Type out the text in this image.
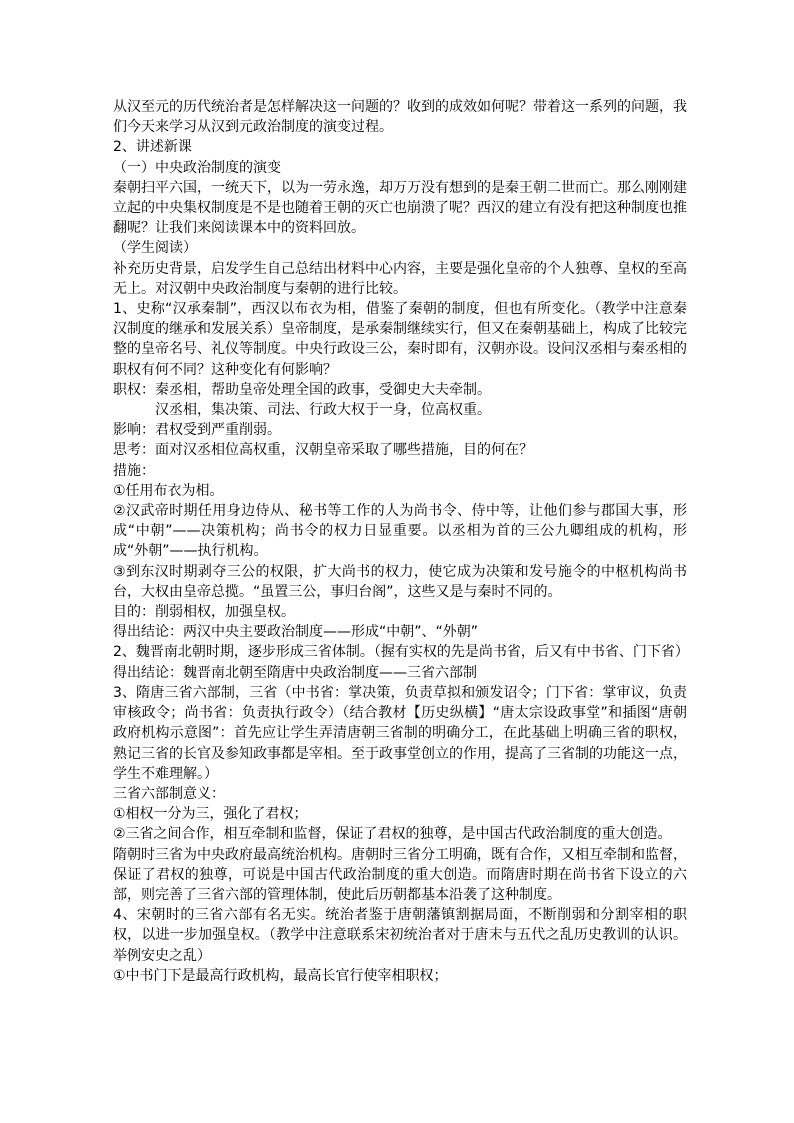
从汉至元的历代统治者是怎样解决这一问题的？收到的成效如何呢？带着这一系列的问题，我们今天来学习从汉到元政治制度的演变过程。

2、讲述新课

（一）中央政治制度的演变

秦朝扫平六国，一统天下，以为一劳永逸，却万万没有想到的是秦王朝二世而亡。那么刚刚建立起的中央集权制度是不是也随着王朝的灭亡也崩溃了呢？西汉的建立有没有把这种制度也推翻呢？让我们来阅读课本中的资料回放。

（学生阅读）

补充历史背景，启发学生自己总结出材料中心内容，主要是强化皇帝的个人独尊、皇权的至高无上。对汉朝中央政治制度与秦朝的进行比较。

1、史称“汉承秦制”，西汉以布衣为相，借鉴了秦朝的制度，但也有所变化。（教学中注意秦汉制度的继承和发展关系）皇帝制度，是承秦制继续实行，但又在秦朝基础上，构成了比较完整的皇帝名号、礼仪等制度。中央行政设三公，秦时即有，汉朝亦设。设问汉丞相与秦丞相的职权有何不同？这种变化有何影响？

职权：秦丞相，帮助皇帝处理全国的政事，受御史大夫牵制。

汉丞相，集决策、司法、行政大权于一身，位高权重。

影响：君权受到严重削弱。

思考：面对汉丞相位高权重，汉朝皇帝采取了哪些措施，目的何在？

措施：

①任用布衣为相。

②汉武帝时期任用身边侍从、秘书等工作的人为尚书令、侍中等，让他们参与郡国大事，形成“中朝”——决策机构；尚书令的权力日显重要。以丞相为首的三公九卿组成的机构，形成“外朝”——执行机构。

③到东汉时期剥夺三公的权限，扩大尚书的权力，使它成为决策和发号施令的中枢机构尚书台，大权由皇帝总揽。“虽置三公，事归台阁”，这些又是与秦时不同的。

目的：削弱相权，加强皇权。

得出结论：两汉中央主要政治制度——形成“中朝”、“外朝”

2、魏晋南北朝时期，逐步形成三省体制。（握有实权的先是尚书省，后又有中书省、门下省）

得出结论：魏晋南北朝至隋唐中央政治制度——三省六部制

3、隋唐三省六部制，三省（中书省：掌决策，负责草拟和颁发诏令；门下省：掌审议，负责审核政令；尚书省：负责执行政令）（结合教材【历史纵横】“唐太宗设政事堂”和插图“唐朝政府机构示意图”：首先应让学生弄清唐朝三省制的明确分工，在此基础上明确三省的职权，熟记三省的长官及参知政事都是宰相。至于政事堂创立的作用，提高了三省制的功能这一点，学生不难理解。）

三省六部制意义：

①相权一分为三，强化了君权；

②三省之间合作，相互牵制和监督，保证了君权的独尊，是中国古代政治制度的重大创造。

隋朝时三省为中央政府最高统治机构。唐朝时三省分工明确，既有合作，又相互牵制和监督，保证了君权的独尊，可说是中国古代政治制度的重大创造。而隋唐时期在尚书省下设立的六部，则完善了三省六部的管理体制，使此后历朝都基本沿袭了这种制度。

4、宋朝时的三省六部有名无实。统治者鉴于唐朝藩镇割据局面，不断削弱和分割宰相的职权，以进一步加强皇权。（教学中注意联系宋初统治者对于唐末与五代之乱历史教训的认识。举例安史之乱）

①中书门下是最高行政机构，最高长官行使宰相职权；
